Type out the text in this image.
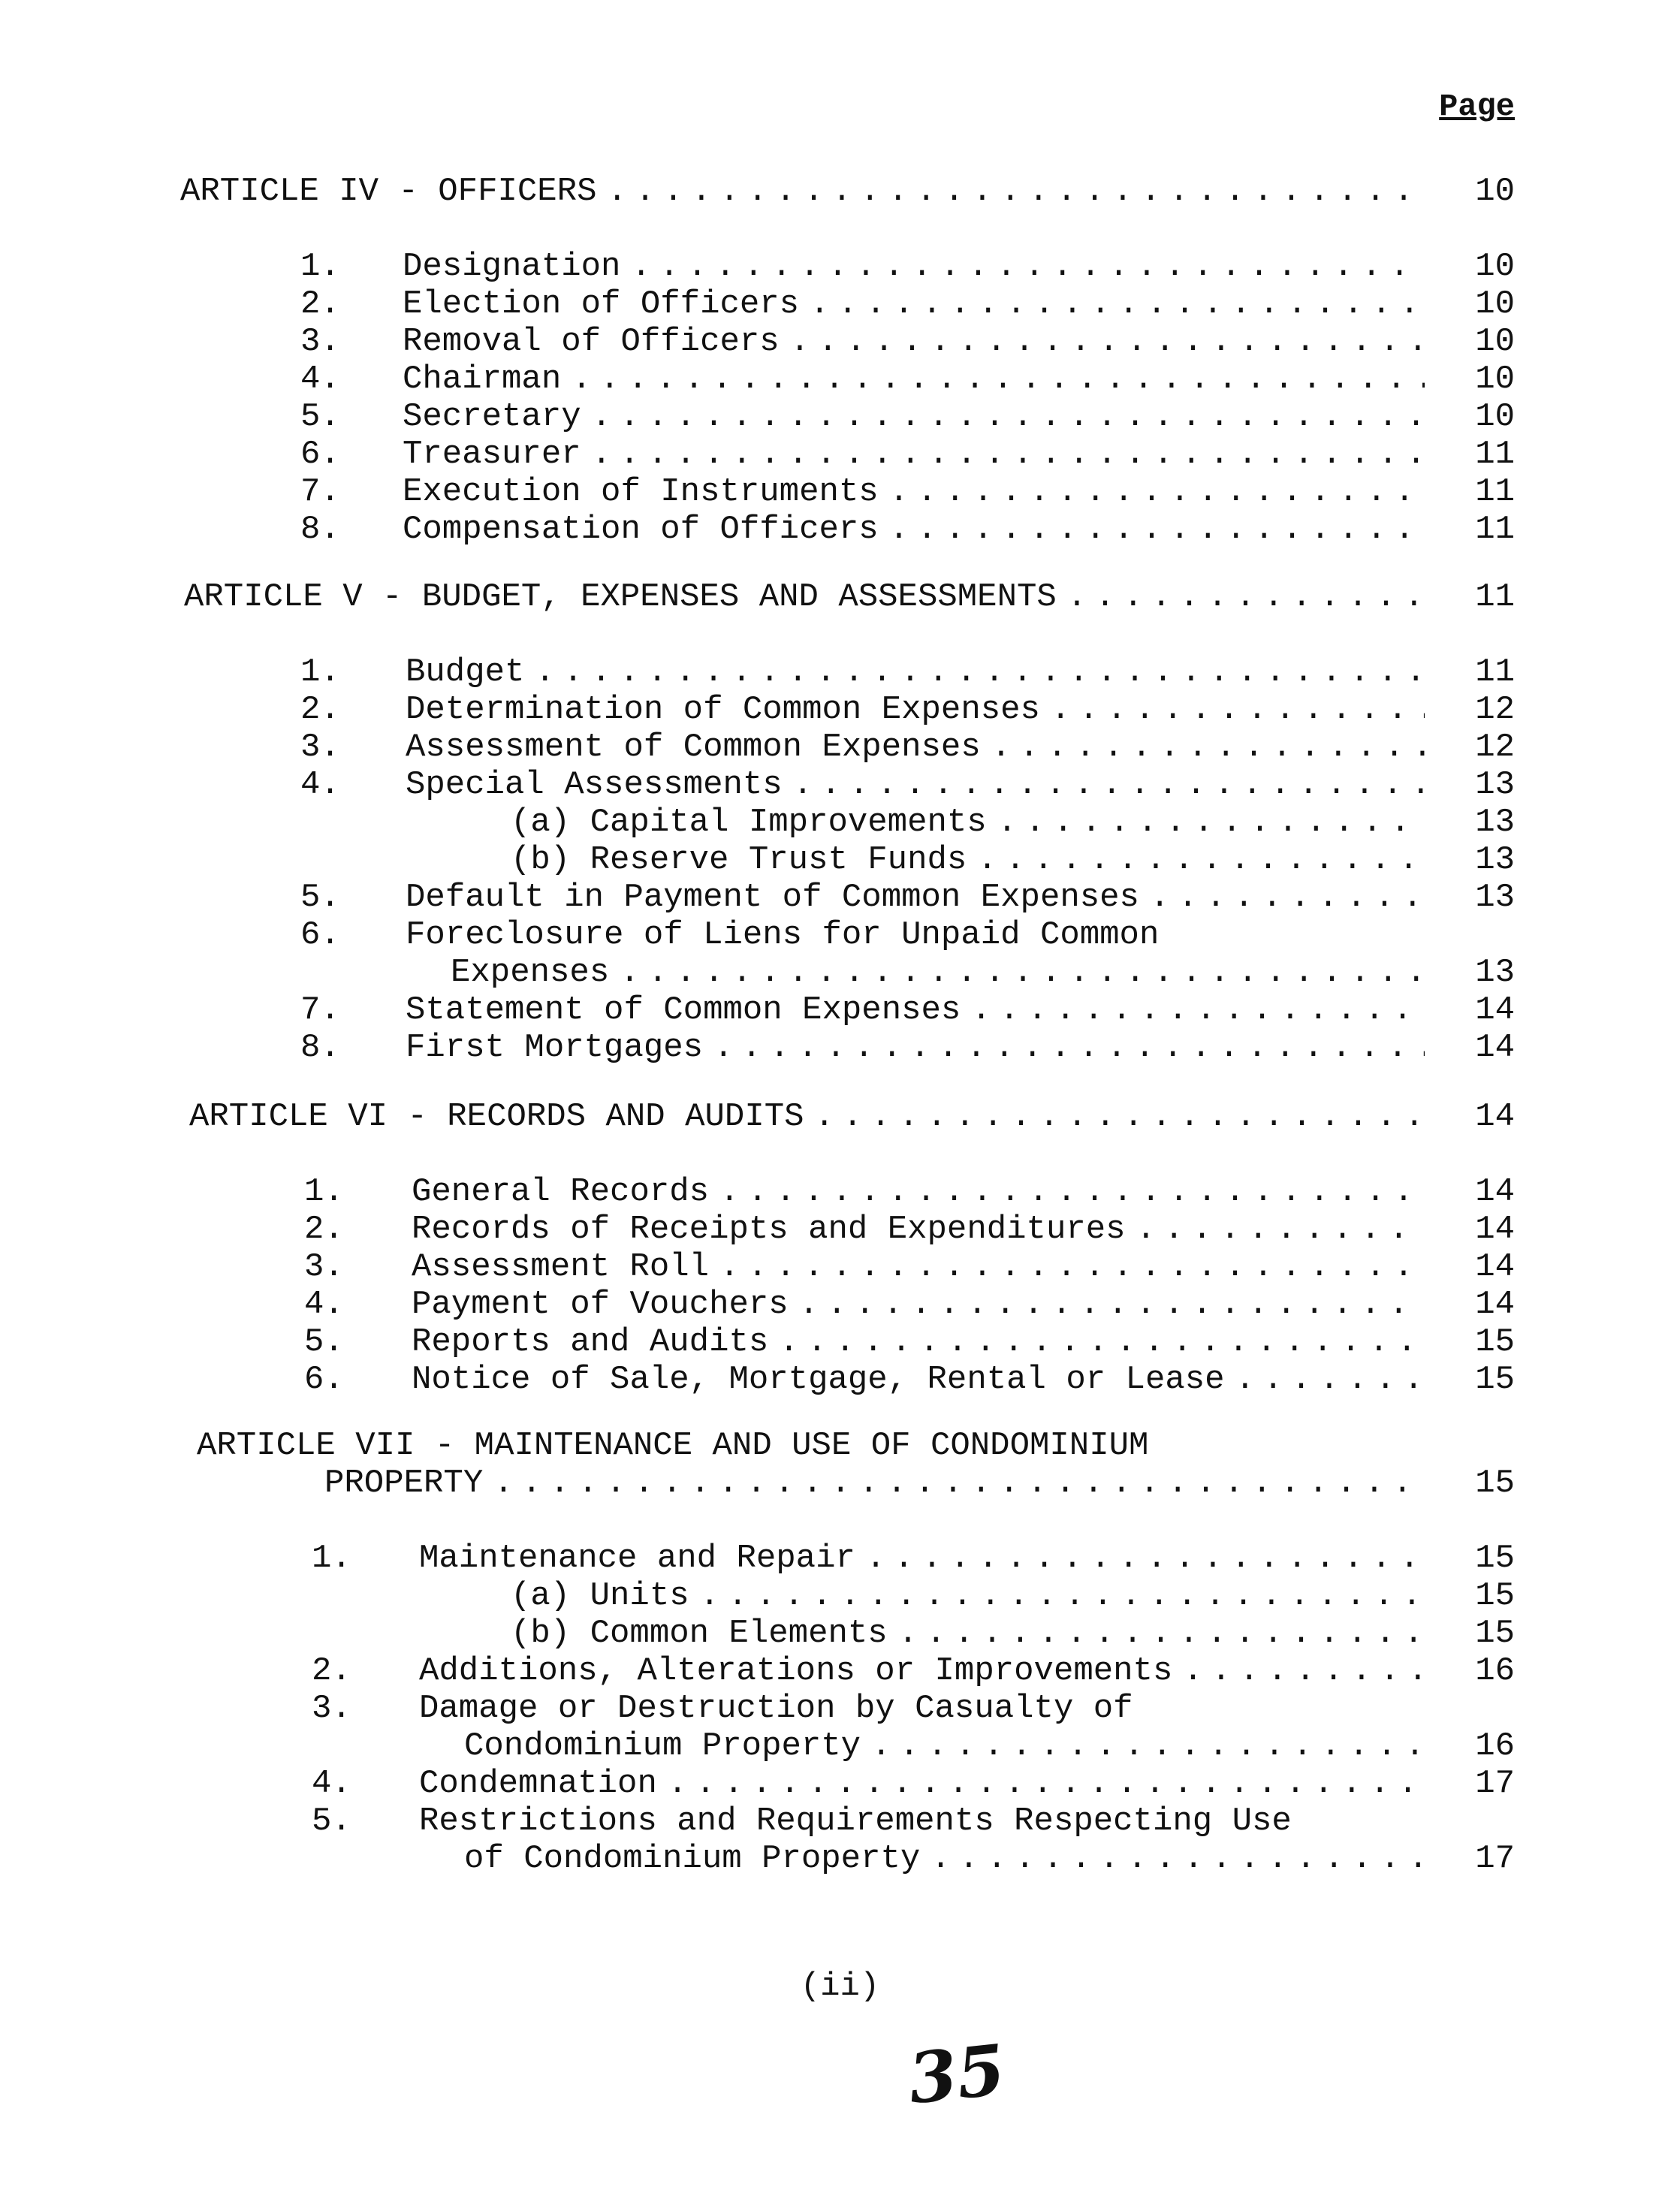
Page
ARTICLE IV - OFFICERS .....	10
1. Designation .....	10
2. Election of Officers .....	10
3. Removal of Officers .....	10
4. Chairman .....	10
5. Secretary .....	10
6. Treasurer .....	11
7. Execution of Instruments .....	11
8. Compensation of Officers .....	11
ARTICLE V - BUDGET, EXPENSES AND ASSESSMENTS .....	11
1. Budget .....	11
2. Determination of Common Expenses .....	12
3. Assessment of Common Expenses .....	12
4. Special Assessments .....	13
(a) Capital Improvements .....	13
(b) Reserve Trust Funds .....	13
5. Default in Payment of Common Expenses .....	13
6. Foreclosure of Liens for Unpaid Common
Expenses .....	13
7. Statement of Common Expenses .....	14
8. First Mortgages .....	14
ARTICLE VI - RECORDS AND AUDITS .....	14
1. General Records .....	14
2. Records of Receipts and Expenditures .....	14
3. Assessment Roll .....	14
4. Payment of Vouchers .....	14
5. Reports and Audits .....	15
6. Notice of Sale, Mortgage, Rental or Lease .....	15
ARTICLE VII - MAINTENANCE AND USE OF CONDOMINIUM
PROPERTY .....	15
1. Maintenance and Repair .....	15
(a) Units .....	15
(b) Common Elements .....	15
2. Additions, Alterations or Improvements .....	16
3. Damage or Destruction by Casualty of
Condominium Property .....	16
4. Condemnation .....	17
5. Restrictions and Requirements Respecting Use
of Condominium Property .....	17
(ii)
35
